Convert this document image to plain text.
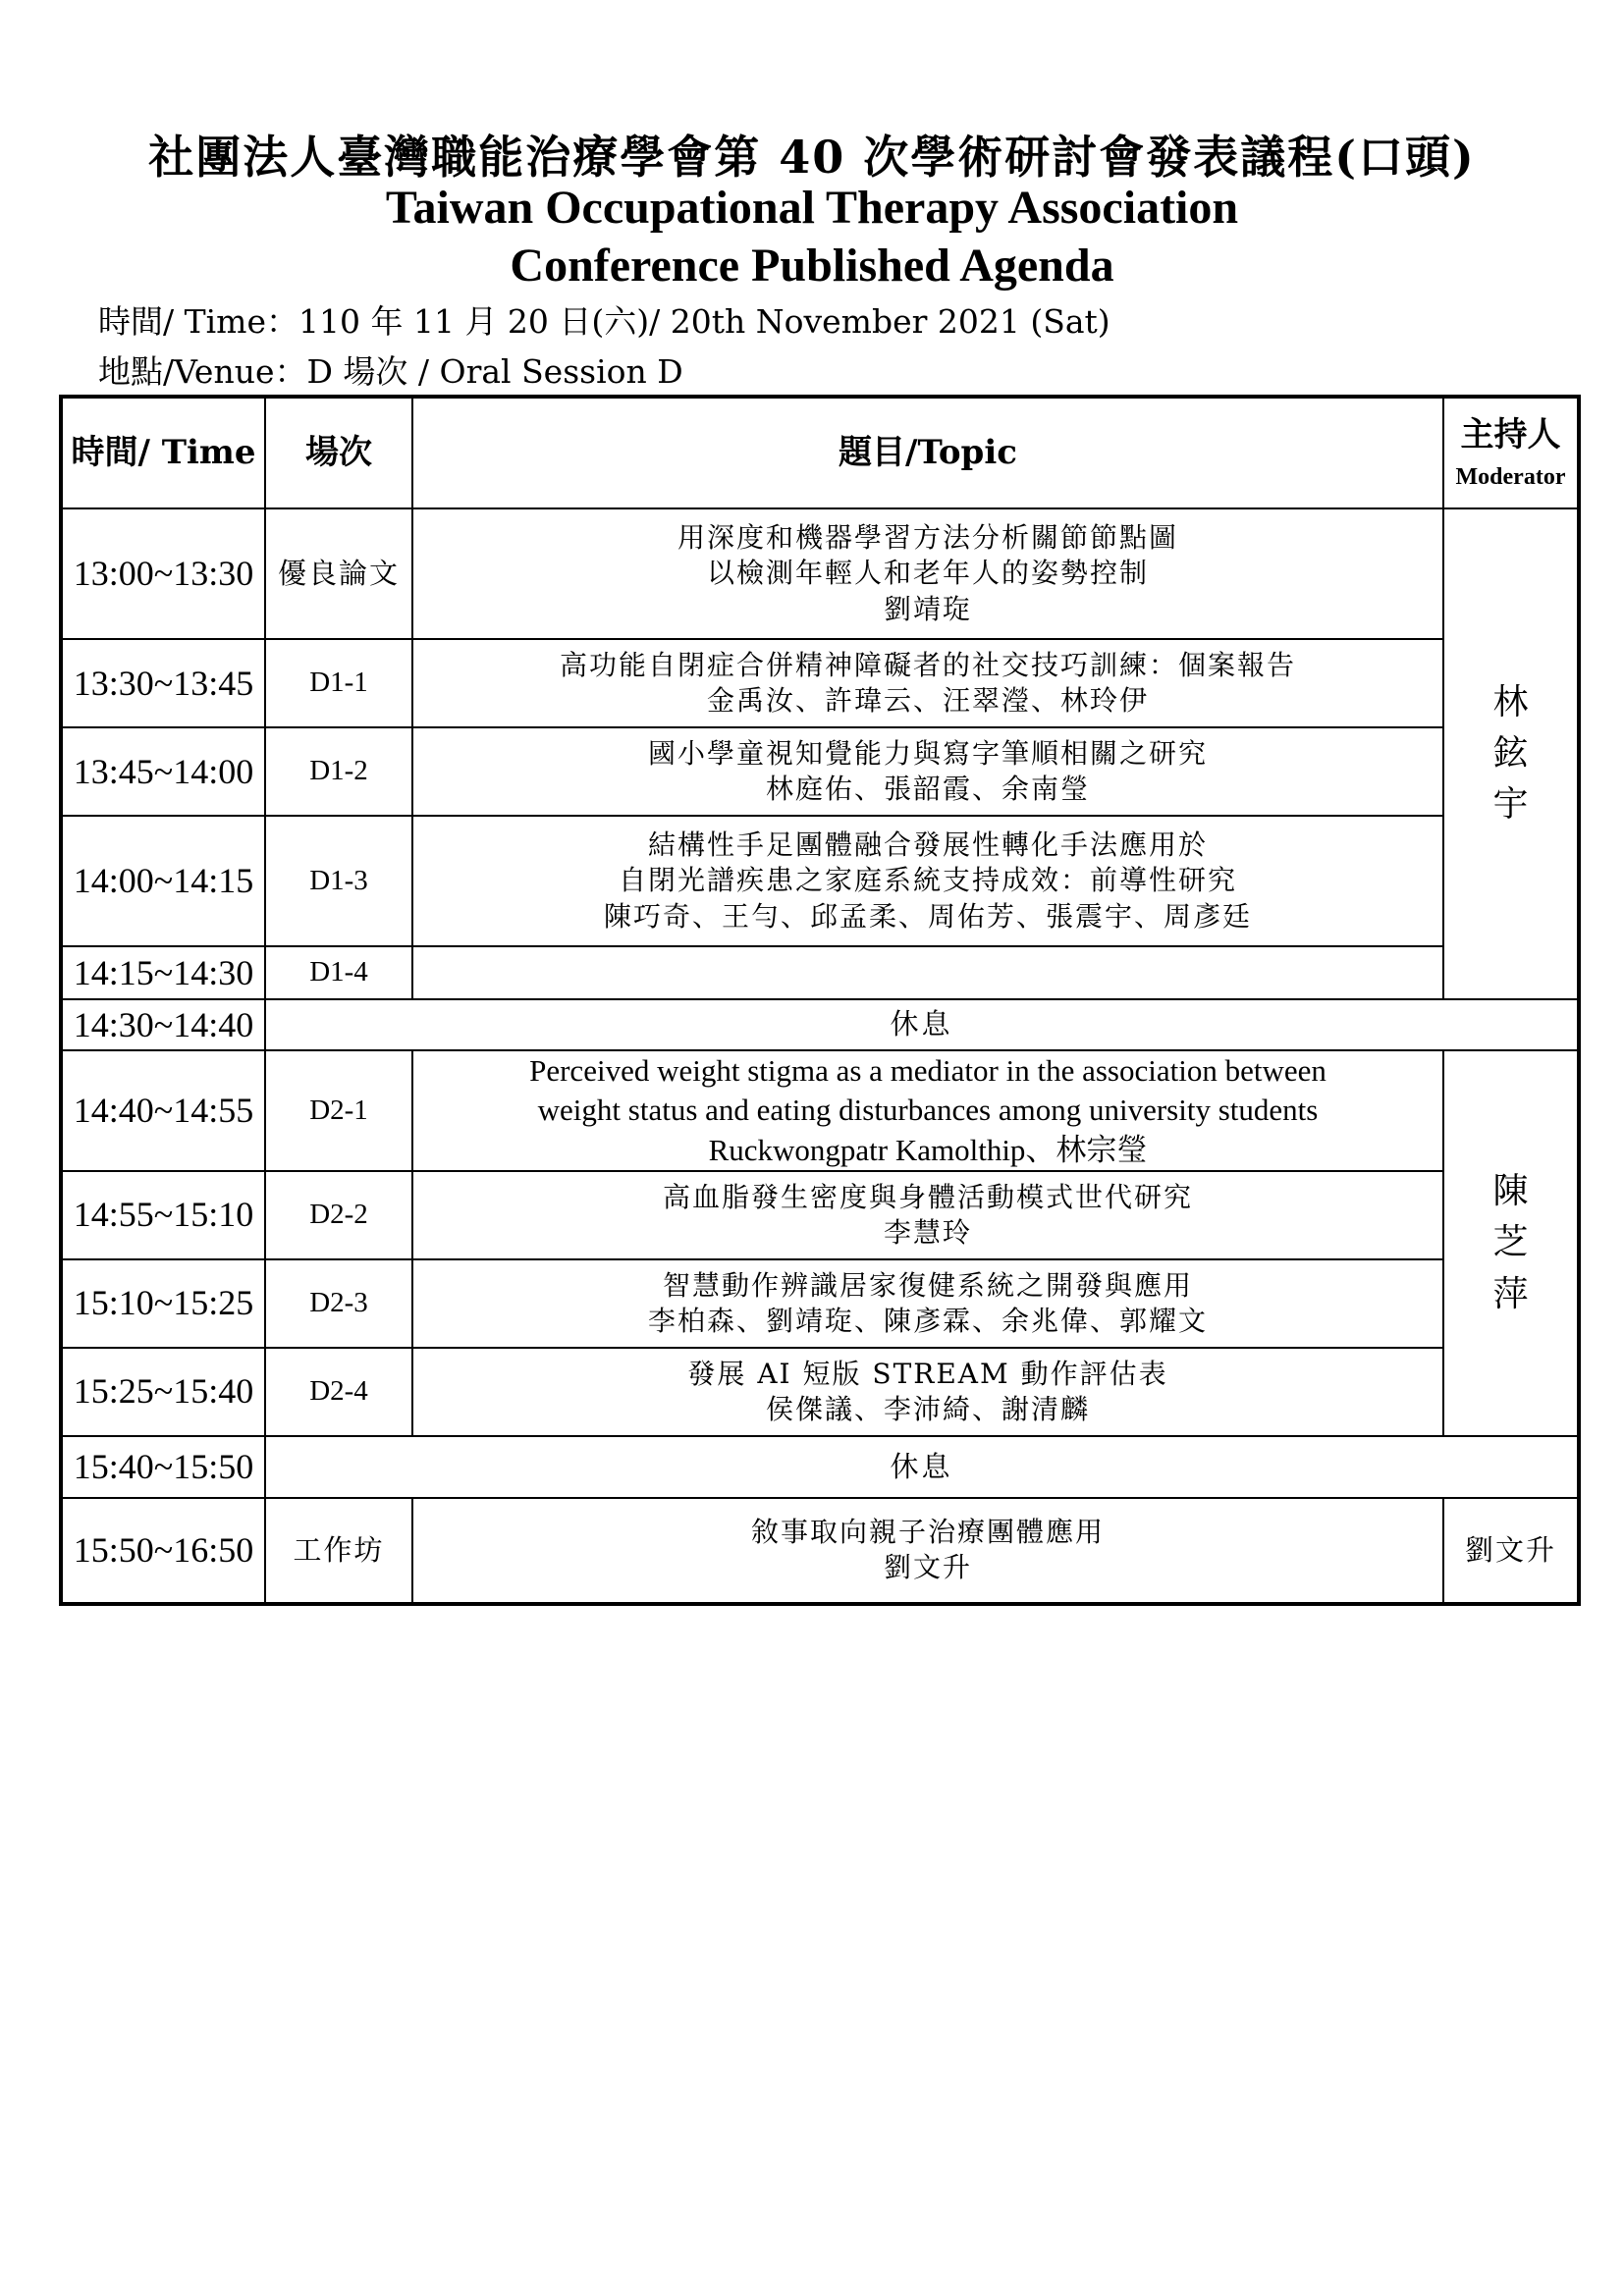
社團法人臺灣職能治療學會第 40 次學術研討會發表議程(口頭)
Taiwan Occupational Therapy Association
Conference Published Agenda
時間/ Time：110 年 11 月 20 日(六)/ 20th November 2021 (Sat)
地點/Venue：D 場次 / Oral Session D
時間/ Time	場次	題目/Topic	主持人
Moderator

13:00~13:30	優良論文	用深度和機器學習方法分析關節節點圖
以檢測年輕人和老年人的姿勢控制
劉靖琁	林
鉉
宇

13:30~13:45	D1-1	高功能自閉症合併精神障礙者的社交技巧訓練：個案報告
金禹汝、許瑋云、汪翠瀅、林玲伊	

13:45~14:00	D1-2	國小學童視知覺能力與寫字筆順相關之研究
林庭佑、張韶霞、余南瑩	

14:00~14:15	D1-3	結構性手足團體融合發展性轉化手法應用於
自閉光譜疾患之家庭系統支持成效：前導性研究
陳巧奇、王勻、邱孟柔、周佑芳、張震宇、周彥廷	

14:15~14:30	D1-4		
14:30~14:40	休息		
14:40~14:55	D2-1	Perceived weight stigma as a mediator in the association between
weight status and eating disturbances among university students
Ruckwongpatr Kamolthip、林宗瑩	陳
芝
萍

14:55~15:10	D2-2	高血脂發生密度與身體活動模式世代研究
李慧玲	

15:10~15:25	D2-3	智慧動作辨識居家復健系統之開發與應用
李柏森、劉靖琁、陳彥霖、余兆偉、郭耀文	

15:25~15:40	D2-4	發展 AI 短版 STREAM 動作評估表
侯傑議、李沛綺、謝清麟	

15:40~15:50	休息		
15:50~16:50	工作坊	敘事取向親子治療團體應用
劉文升	劉文升
